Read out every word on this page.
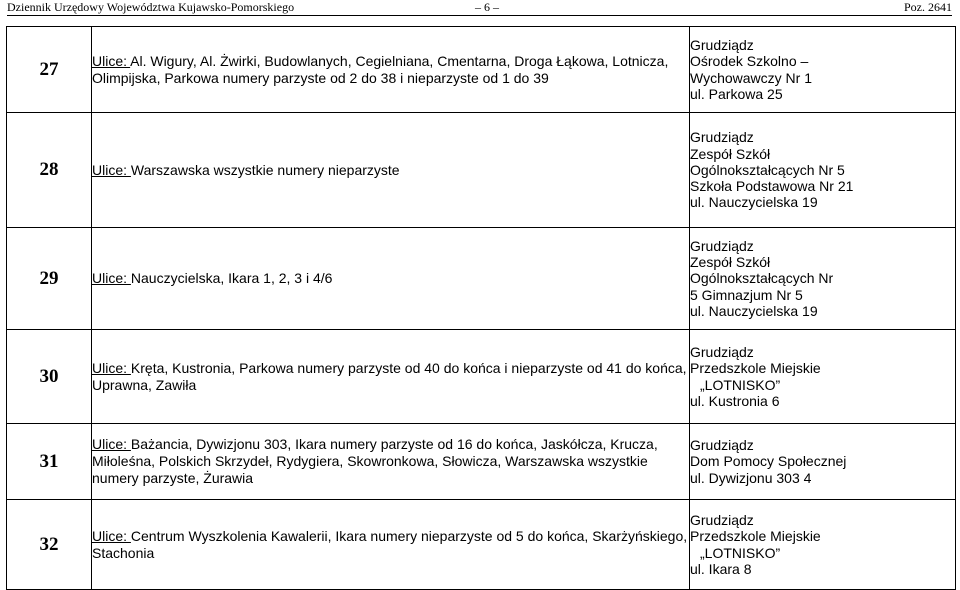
Dziennik Urzędowy Województwa Kujawsko-Pomorskiego	– 6 –	Poz. 2641
27	Ulice: Al. Wigury, Al. Żwirki, Budowlanych, Cegielniana, Cmentarna, Droga Łąkowa, Lotnicza, Olimpijska, Parkowa numery parzyste od 2 do 38 i nieparzyste od 1 do 39	Grudziądz
Ośrodek Szkolno –
Wychowawczy Nr 1
ul. Parkowa 25

28	Ulice: Warszawska wszystkie numery nieparzyste	Grudziądz
Zespół Szkół
Ogólnokształcących Nr 5
Szkoła Podstawowa Nr 21
ul. Nauczycielska 19

29	Ulice: Nauczycielska, Ikara 1, 2, 3 i 4/6	Grudziądz
Zespół Szkół
Ogólnokształcących Nr
5 Gimnazjum Nr 5
ul. Nauczycielska 19

30	Ulice: Kręta, Kustronia, Parkowa numery parzyste od 40 do końca i nieparzyste od 41 do końca, Uprawna, Zawiła	Grudziądz
Przedszkole Miejskie
„LOTNISKO”
ul. Kustronia 6

31	Ulice: Bażancia, Dywizjonu 303, Ikara numery parzyste od 16 do końca, Jaskółcza, Krucza, Miłoleśna, Polskich Skrzydeł, Rydygiera, Skowronkowa, Słowicza, Warszawska wszystkie numery parzyste, Żurawia	Grudziądz
Dom Pomocy Społecznej
ul. Dywizjonu 303 4

32	Ulice: Centrum Wyszkolenia Kawalerii, Ikara numery nieparzyste od 5 do końca, Skarżyńskiego, Stachonia	Grudziądz
Przedszkole Miejskie
„LOTNISKO”
ul. Ikara 8
